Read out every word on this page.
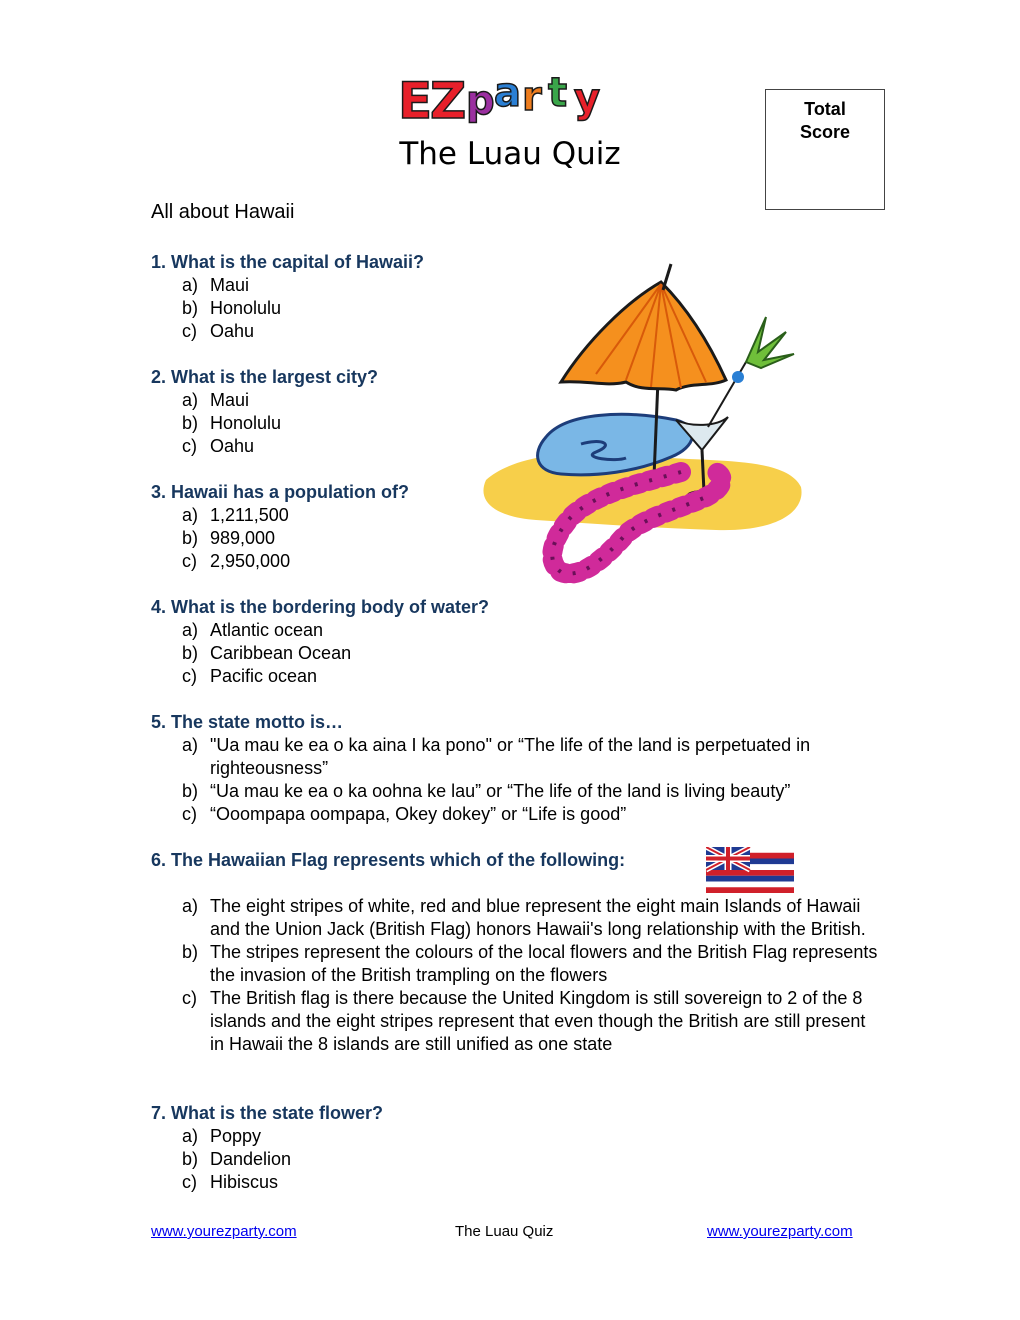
E
Z p a r t y
The Luau Quiz
Total
Score
All about Hawaii
1. What is the capital of Hawaii?
a) Maui
b) Honolulu
c) Oahu
2. What is the largest city?
a) Maui
b) Honolulu
c) Oahu
3. Hawaii has a population of?
a) 1,211,500
b) 989,000
c) 2,950,000
4. What is the bordering body of water?
a) Atlantic ocean
b) Caribbean Ocean
c) Pacific ocean
5. The state motto is…
a) "Ua mau ke ea o ka aina I ka pono" or “The life of the land is perpetuated in righteousness”
b) “Ua mau ke ea o ka oohna ke lau” or “The life of the land is living beauty”
c) “Ooompapa oompapa, Okey dokey” or “Life is good”
6. The Hawaiian Flag represents which of the following:
a) The eight stripes of white, red and blue represent the eight main Islands of Hawaii and the Union Jack (British Flag) honors Hawaii's long relationship with the British.
b) The stripes represent the colours of the local flowers and the British Flag represents the invasion of the British trampling on the flowers
c) The British flag is there because the United Kingdom is still sovereign to 2 of the 8 islands and the eight stripes represent that even though the British are still present in Hawaii the 8 islands are still unified as one state
7. What is the state flower?
a) Poppy
b) Dandelion
c) Hibiscus
www.yourezparty.com	The Luau Quiz	www.yourezparty.com
